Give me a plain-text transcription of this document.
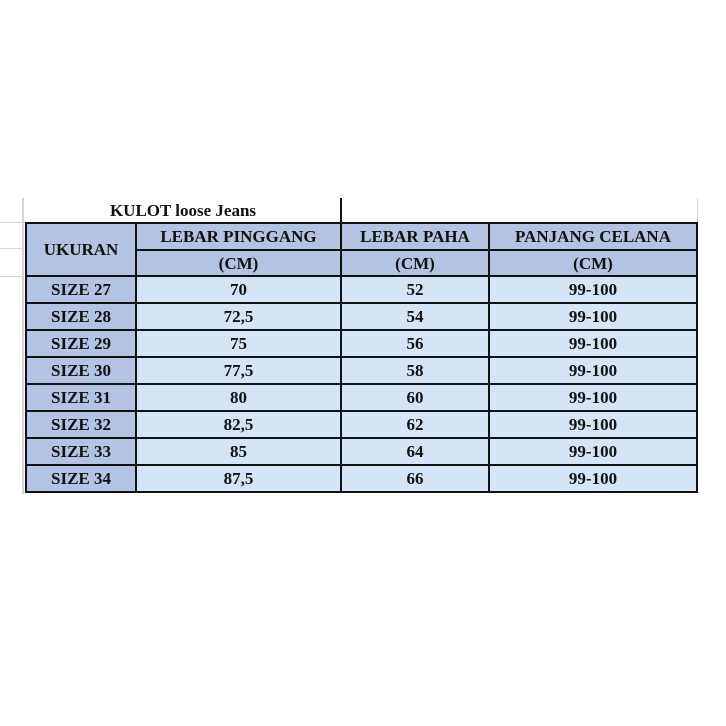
KULOT loose Jeans			
UKURAN	LEBAR PINGGANG	LEBAR PAHA	PANJANG CELANA
	(CM)	(CM)	(CM)
SIZE 27	70	52	99-100
SIZE 28	72,5	54	99-100
SIZE 29	75	56	99-100
SIZE 30	77,5	58	99-100
SIZE 31	80	60	99-100
SIZE 32	82,5	62	99-100
SIZE 33	85	64	99-100
SIZE 34	87,5	66	99-100
